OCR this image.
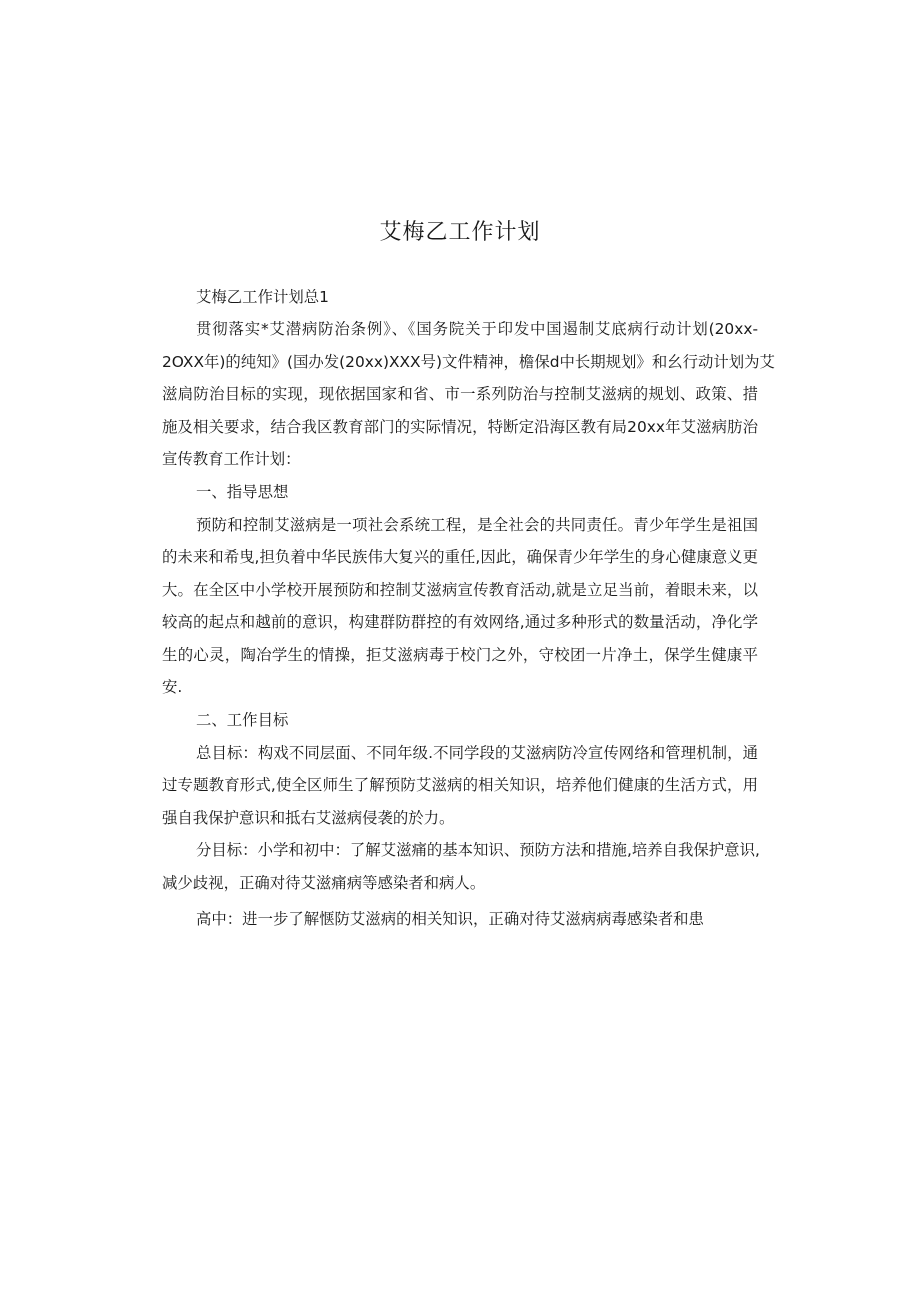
艾梅乙工作计划
艾梅乙工作计划总1
贯彻落实*艾潜病防治条例》、《国务院关于印发中国遏制艾底病行动计划(20xx-
2OXX年)的纯知》(国办发(20xx)XXX号)文件精神，檐保d中长期规划》和幺行动计划为艾
滋扃防治目标的实现，现依据国家和省、市一系列防治与控制艾滋病的规划、政策、措
施及相关要求，结合我区教育部门的实际情况，特断定沿海区教有局20xx年艾滋病肪治
宣传教育工作计划：
一、指导思想
预防和控制艾滋病是一项社会系统工程，是全社会的共同责任。青少年学生是祖国
的未来和希曳,担负着中华民族伟大复兴的重任,因此，确保青少年学生的身心健康意义更
大。在全区中小学校开展预防和控制艾滋病宣传教育活动,就是立足当前，着眼未来，以
较高的起点和越前的意识，构建群防群控的有效网络,通过多种形式的数量活动，净化学
生的心灵，陶冶学生的情操，拒艾滋病毒于校门之外，守校团一片净土，保学生健康平
安.
二、工作目标
总目标：构戏不同层面、不同年级.不同学段的艾滋病防冷宣传网络和管理机制，通
过专题教育形式,使全区师生了解预防艾滋病的相关知识，培养他们健康的生活方式，用
强自我保护意识和抵右艾滋病侵袭的於力。
分目标：小学和初中：了解艾滋痛的基本知识、预防方法和措施,培养自我保护意识,
减少歧视，正确对待艾滋痛病等感染者和病人。
高中：进一步了解惬防艾滋病的相关知识，正确对待艾滋病病毒感染者和患
